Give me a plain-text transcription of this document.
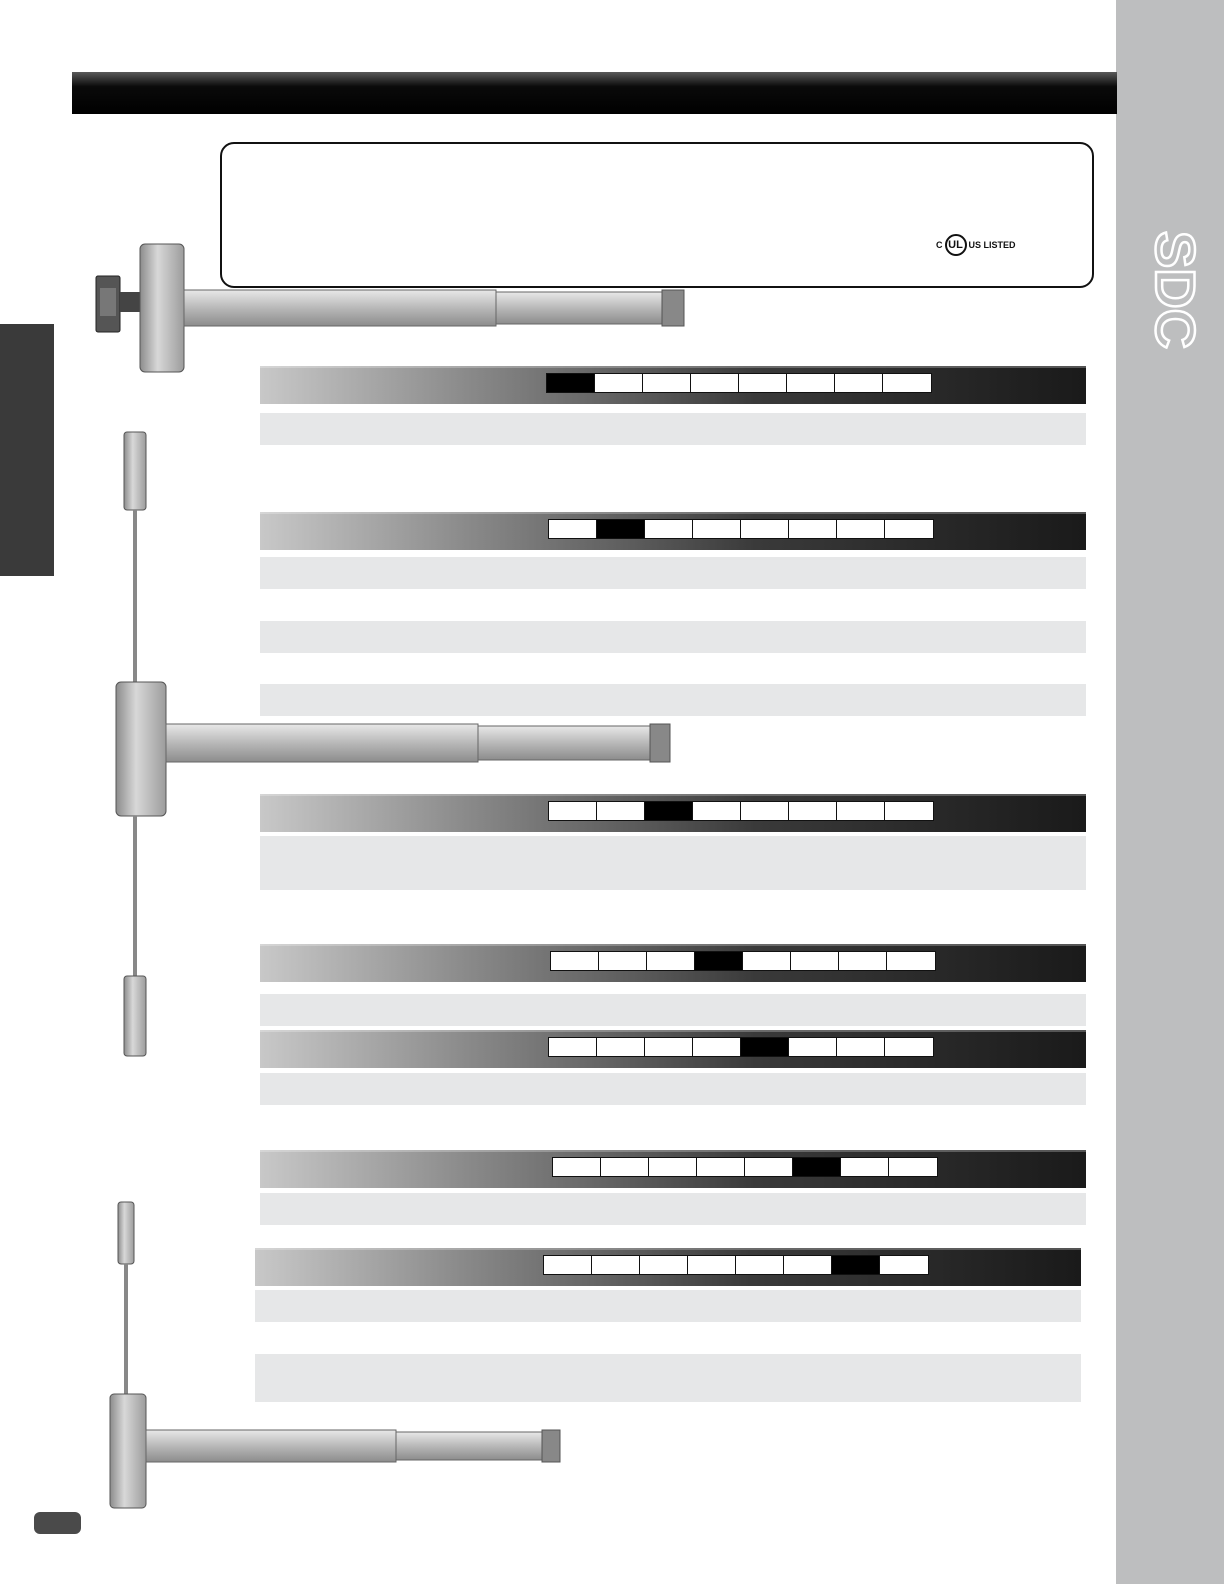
SDC
C UL US LISTED
